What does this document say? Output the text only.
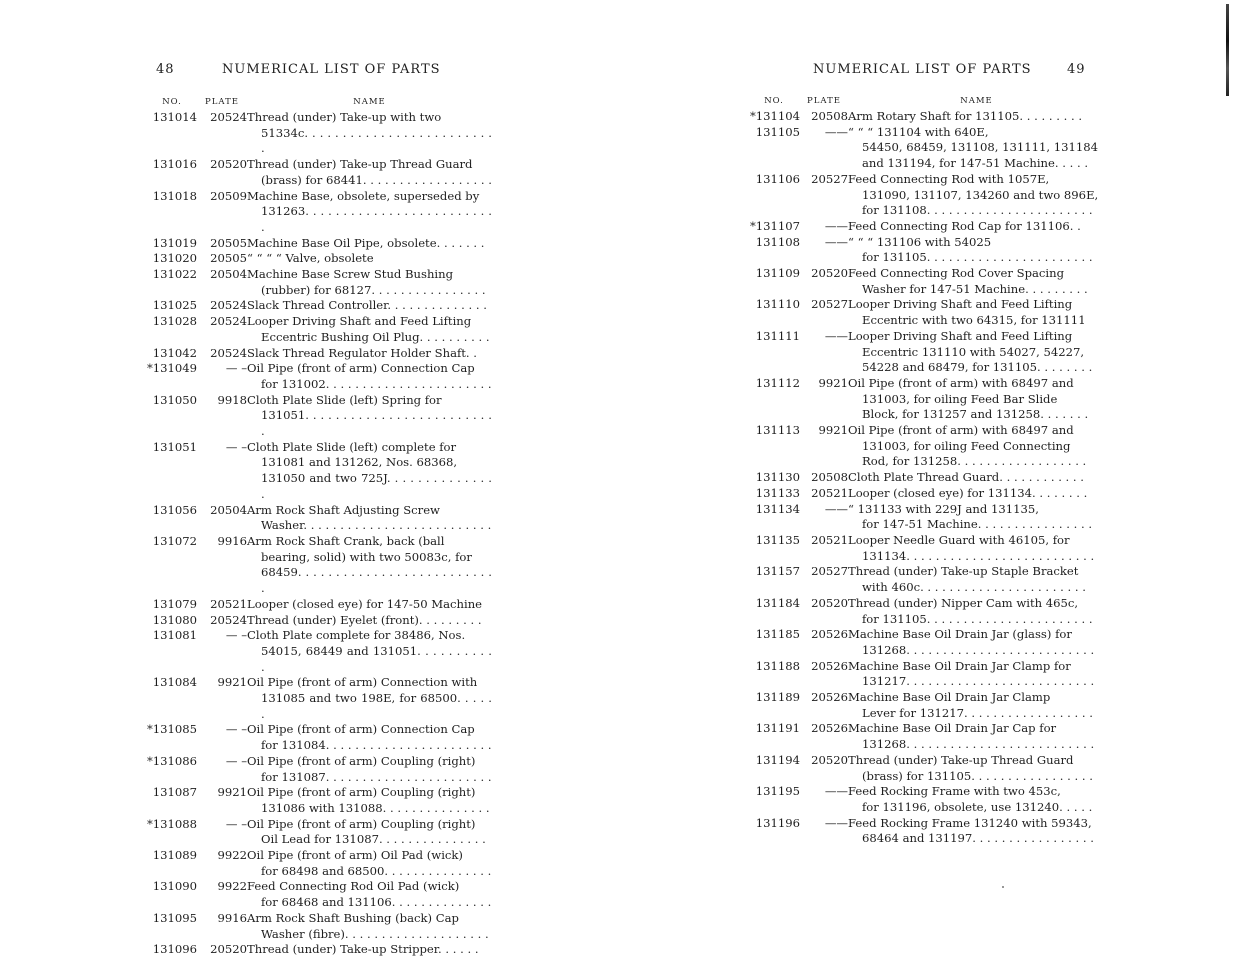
48	NUMERICAL LIST OF PARTS
NO.	PLATE	NAME
131014	20524	Thread (under) Take-up with two
51334c. . . . . . . . . . . . . . . . . . . . . . . . . .

131016	20520	Thread (under) Take-up Thread Guard
(brass) for 68441. . . . . . . . . . . . . . . . . .

131018	20509	Machine Base, obsolete, superseded by
131263. . . . . . . . . . . . . . . . . . . . . . . . . .

131019	20505	Machine Base Oil Pipe, obsolete. . . . . . .

131020	20505	“ “ “ “ Valve, obsolete

131022	20504	Machine Base Screw Stud Bushing
(rubber) for 68127. . . . . . . . . . . . . . . .

131025	20524	Slack Thread Controller. . . . . . . . . . . . . .

131028	20524	Looper Driving Shaft and Feed Lifting
Eccentric Bushing Oil Plug. . . . . . . . . .

131042	20524	Slack Thread Regulator Holder Shaft. .

*131049	— –	Oil Pipe (front of arm) Connection Cap
for 131002. . . . . . . . . . . . . . . . . . . . . . .

131050	9918	Cloth Plate Slide (left) Spring for
131051. . . . . . . . . . . . . . . . . . . . . . . . . .

131051	— –	Cloth Plate Slide (left) complete for
131081 and 131262, Nos. 68368,
131050 and two 725J. . . . . . . . . . . . . . .

131056	20504	Arm Rock Shaft Adjusting Screw
Washer. . . . . . . . . . . . . . . . . . . . . . . . . .

131072	9916	Arm Rock Shaft Crank, back (ball
bearing, solid) with two 50083c, for
68459. . . . . . . . . . . . . . . . . . . . . . . . . . .

131079	20521	Looper (closed eye) for 147-50 Machine

131080	20524	Thread (under) Eyelet (front). . . . . . . . .

131081	— –	Cloth Plate complete for 38486, Nos.
54015, 68449 and 131051. . . . . . . . . . .

131084	9921	Oil Pipe (front of arm) Connection with
131085 and two 198E, for 68500. . . . . .

*131085	— –	Oil Pipe (front of arm) Connection Cap
for 131084. . . . . . . . . . . . . . . . . . . . . . .

*131086	— –	Oil Pipe (front of arm) Coupling (right)
for 131087. . . . . . . . . . . . . . . . . . . . . . .

131087	9921	Oil Pipe (front of arm) Coupling (right)
131086 with 131088. . . . . . . . . . . . . . .

*131088	— –	Oil Pipe (front of arm) Coupling (right)
Oil Lead for 131087. . . . . . . . . . . . . . .

131089	9922	Oil Pipe (front of arm) Oil Pad (wick)
for 68498 and 68500. . . . . . . . . . . . . . .

131090	9922	Feed Connecting Rod Oil Pad (wick)
for 68468 and 131106. . . . . . . . . . . . . .

131095	9916	Arm Rock Shaft Bushing (back) Cap
Washer (fibre). . . . . . . . . . . . . . . . . . . .

131096	20520	Thread (under) Take-up Stripper. . . . . .
NUMERICAL LIST OF PARTS	49
NO.	PLATE	NAME
*131104	20508	Arm Rotary Shaft for 131105. . . . . . . . .

131105	——	“ “ “ 131104 with 640E,
54450, 68459, 131108, 131111, 131184
and 131194, for 147-51 Machine. . . . .

131106	20527	Feed Connecting Rod with 1057E,
131090, 131107, 134260 and two 896E,
for 131108. . . . . . . . . . . . . . . . . . . . . . .

*131107	——	Feed Connecting Rod Cap for 131106. .

131108	——	“ “ “ 131106 with 54025
for 131105. . . . . . . . . . . . . . . . . . . . . . .

131109	20520	Feed Connecting Rod Cover Spacing
Washer for 147-51 Machine. . . . . . . . .

131110	20527	Looper Driving Shaft and Feed Lifting
Eccentric with two 64315, for 131111

131111	——	Looper Driving Shaft and Feed Lifting
Eccentric 131110 with 54027, 54227,
54228 and 68479, for 131105. . . . . . . .

131112	9921	Oil Pipe (front of arm) with 68497 and
131003, for oiling Feed Bar Slide
Block, for 131257 and 131258. . . . . . .

131113	9921	Oil Pipe (front of arm) with 68497 and
131003, for oiling Feed Connecting
Rod, for 131258. . . . . . . . . . . . . . . . . .

131130	20508	Cloth Plate Thread Guard. . . . . . . . . . . .

131133	20521	Looper (closed eye) for 131134. . . . . . . .

131134	——	“ 131133 with 229J and 131135,
for 147-51 Machine. . . . . . . . . . . . . . . .

131135	20521	Looper Needle Guard with 46105, for
131134. . . . . . . . . . . . . . . . . . . . . . . . . .

131157	20527	Thread (under) Take-up Staple Bracket
with 460c. . . . . . . . . . . . . . . . . . . . . . .

131184	20520	Thread (under) Nipper Cam with 465c,
for 131105. . . . . . . . . . . . . . . . . . . . . . .

131185	20526	Machine Base Oil Drain Jar (glass) for
131268. . . . . . . . . . . . . . . . . . . . . . . . . .

131188	20526	Machine Base Oil Drain Jar Clamp for
131217. . . . . . . . . . . . . . . . . . . . . . . . . .

131189	20526	Machine Base Oil Drain Jar Clamp
Lever for 131217. . . . . . . . . . . . . . . . . .

131191	20526	Machine Base Oil Drain Jar Cap for
131268. . . . . . . . . . . . . . . . . . . . . . . . . .

131194	20520	Thread (under) Take-up Thread Guard
(brass) for 131105. . . . . . . . . . . . . . . . .

131195	——	Feed Rocking Frame with two 453c,
for 131196, obsolete, use 131240. . . . .

131196	——	Feed Rocking Frame 131240 with 59343,
68464 and 131197. . . . . . . . . . . . . . . . .
